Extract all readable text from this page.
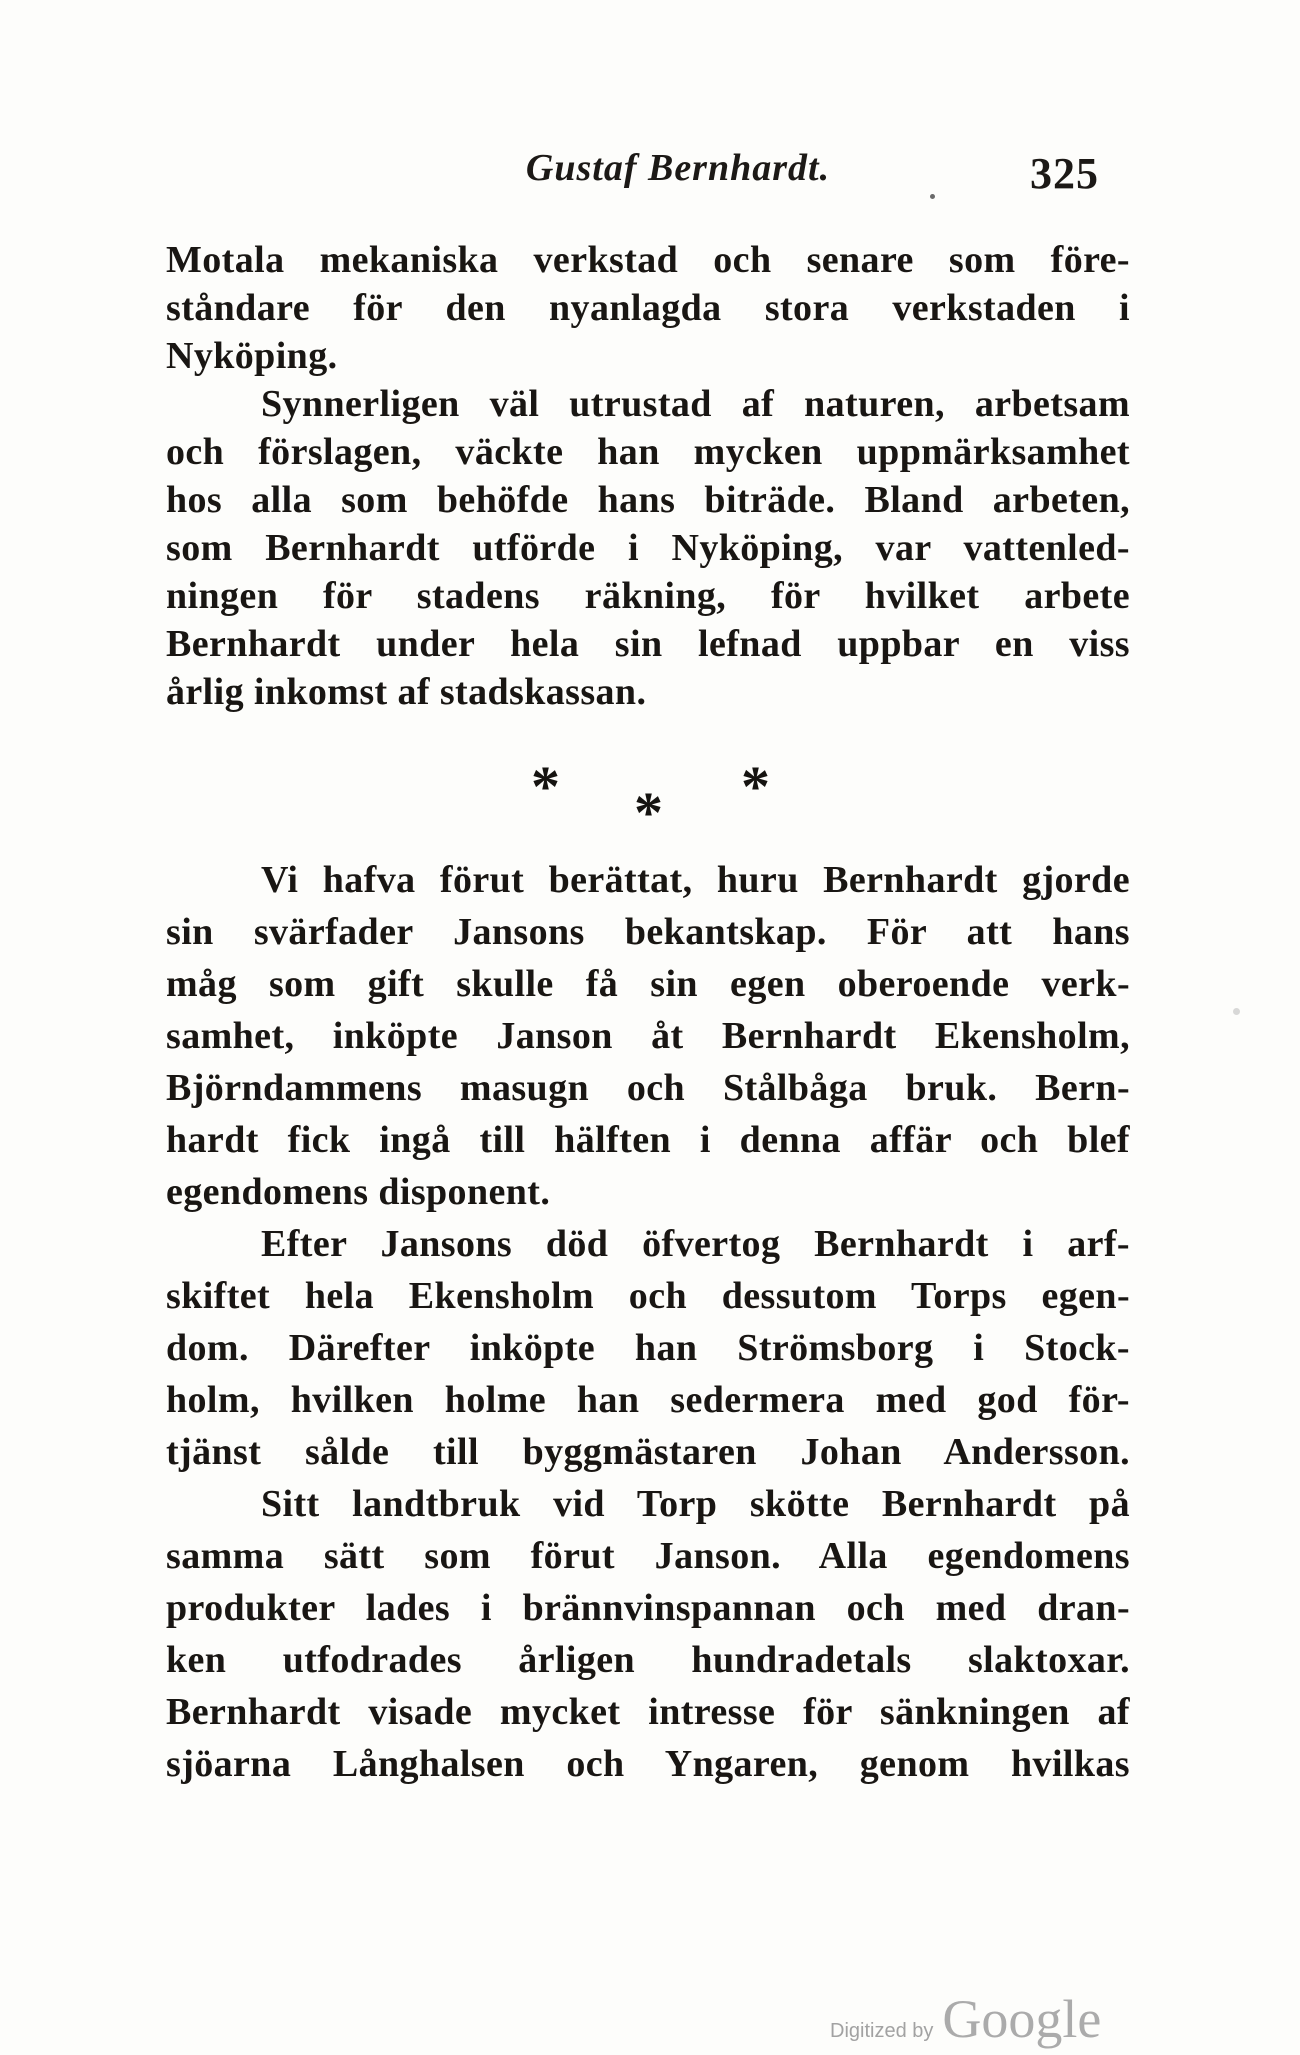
Gustaf Bernhardt.	325
Motala mekaniska verkstad och senare som före-
ståndare för den nyanlagda stora verkstaden i
Nyköping.
Synnerligen väl utrustad af naturen, arbetsam
och förslagen, väckte han mycken uppmärksamhet
hos alla som behöfde hans biträde. Bland arbeten,
som Bernhardt utförde i Nyköping, var vattenled-
ningen för stadens räkning, för hvilket arbete
Bernhardt under hela sin lefnad uppbar en viss
årlig inkomst af stadskassan.
*	*
*
Vi hafva förut berättat, huru Bernhardt gjorde
sin svärfader Jansons bekantskap. För att hans
måg som gift skulle få sin egen oberoende verk-
samhet, inköpte Janson åt Bernhardt Ekensholm,
Björndammens masugn och Stålbåga bruk. Bern-
hardt fick ingå till hälften i denna affär och blef
egendomens disponent.
Efter Jansons död öfvertog Bernhardt i arf-
skiftet hela Ekensholm och dessutom Torps egen-
dom. Därefter inköpte han Strömsborg i Stock-
holm, hvilken holme han sedermera med god för-
tjänst sålde till byggmästaren Johan Andersson.
Sitt landtbruk vid Torp skötte Bernhardt på
samma sätt som förut Janson. Alla egendomens
produkter lades i brännvinspannan och med dran-
ken utfodrades årligen hundradetals slaktoxar.
Bernhardt visade mycket intresse för sänkningen af
sjöarna Långhalsen och Yngaren, genom hvilkas
Digitized by Google
